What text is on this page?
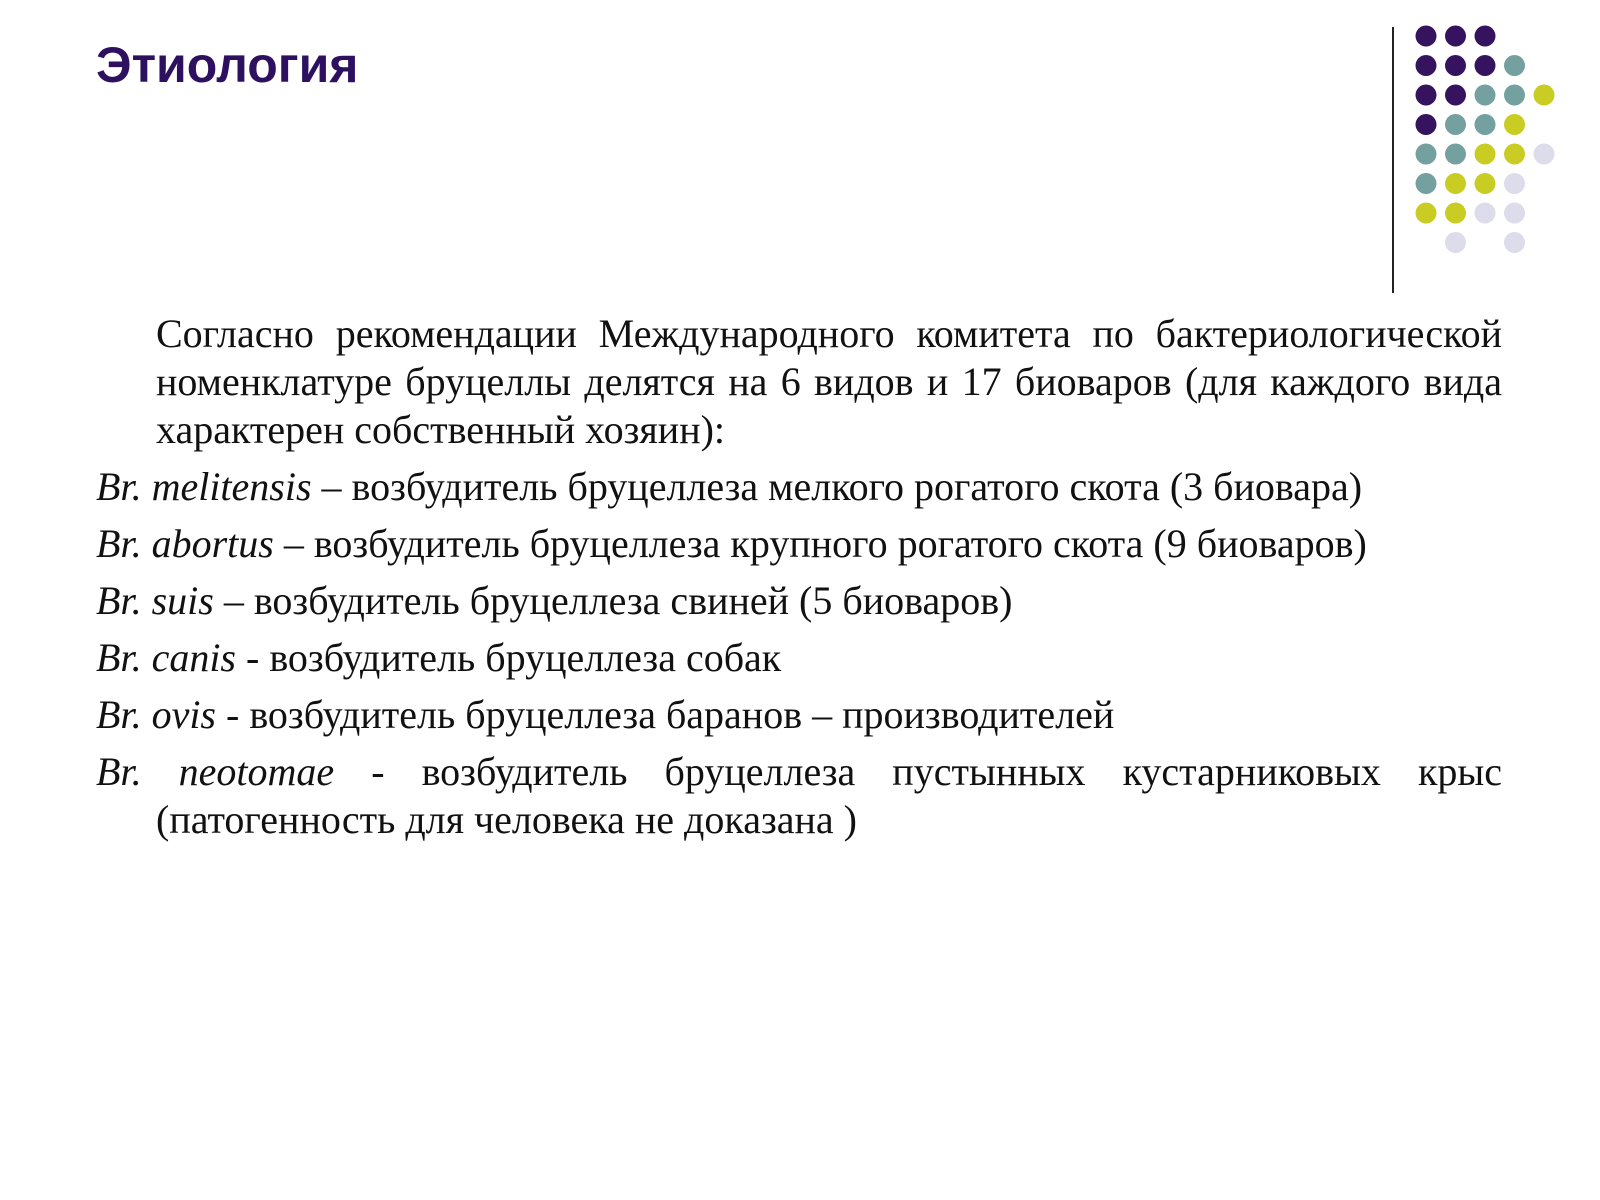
Этиология

Согласно рекомендации Международного комитета по бактериологической номенклатуре бруцеллы делятся на 6 видов и 17 биоваров (для каждого вида характерен собственный хозяин):

Br. melitensis – возбудитель бруцеллеза мелкого рогатого скота (3 биовара)

Br. abortus – возбудитель бруцеллеза крупного рогатого скота (9 биоваров)

Br. suis – возбудитель бруцеллеза свиней (5 биоваров)

Br. canis - возбудитель бруцеллеза собак

Br. ovis - возбудитель бруцеллеза баранов – производителей

Br. neotomae - возбудитель бруцеллеза пустынных кустарниковых крыс (патогенность для человека не доказана )
